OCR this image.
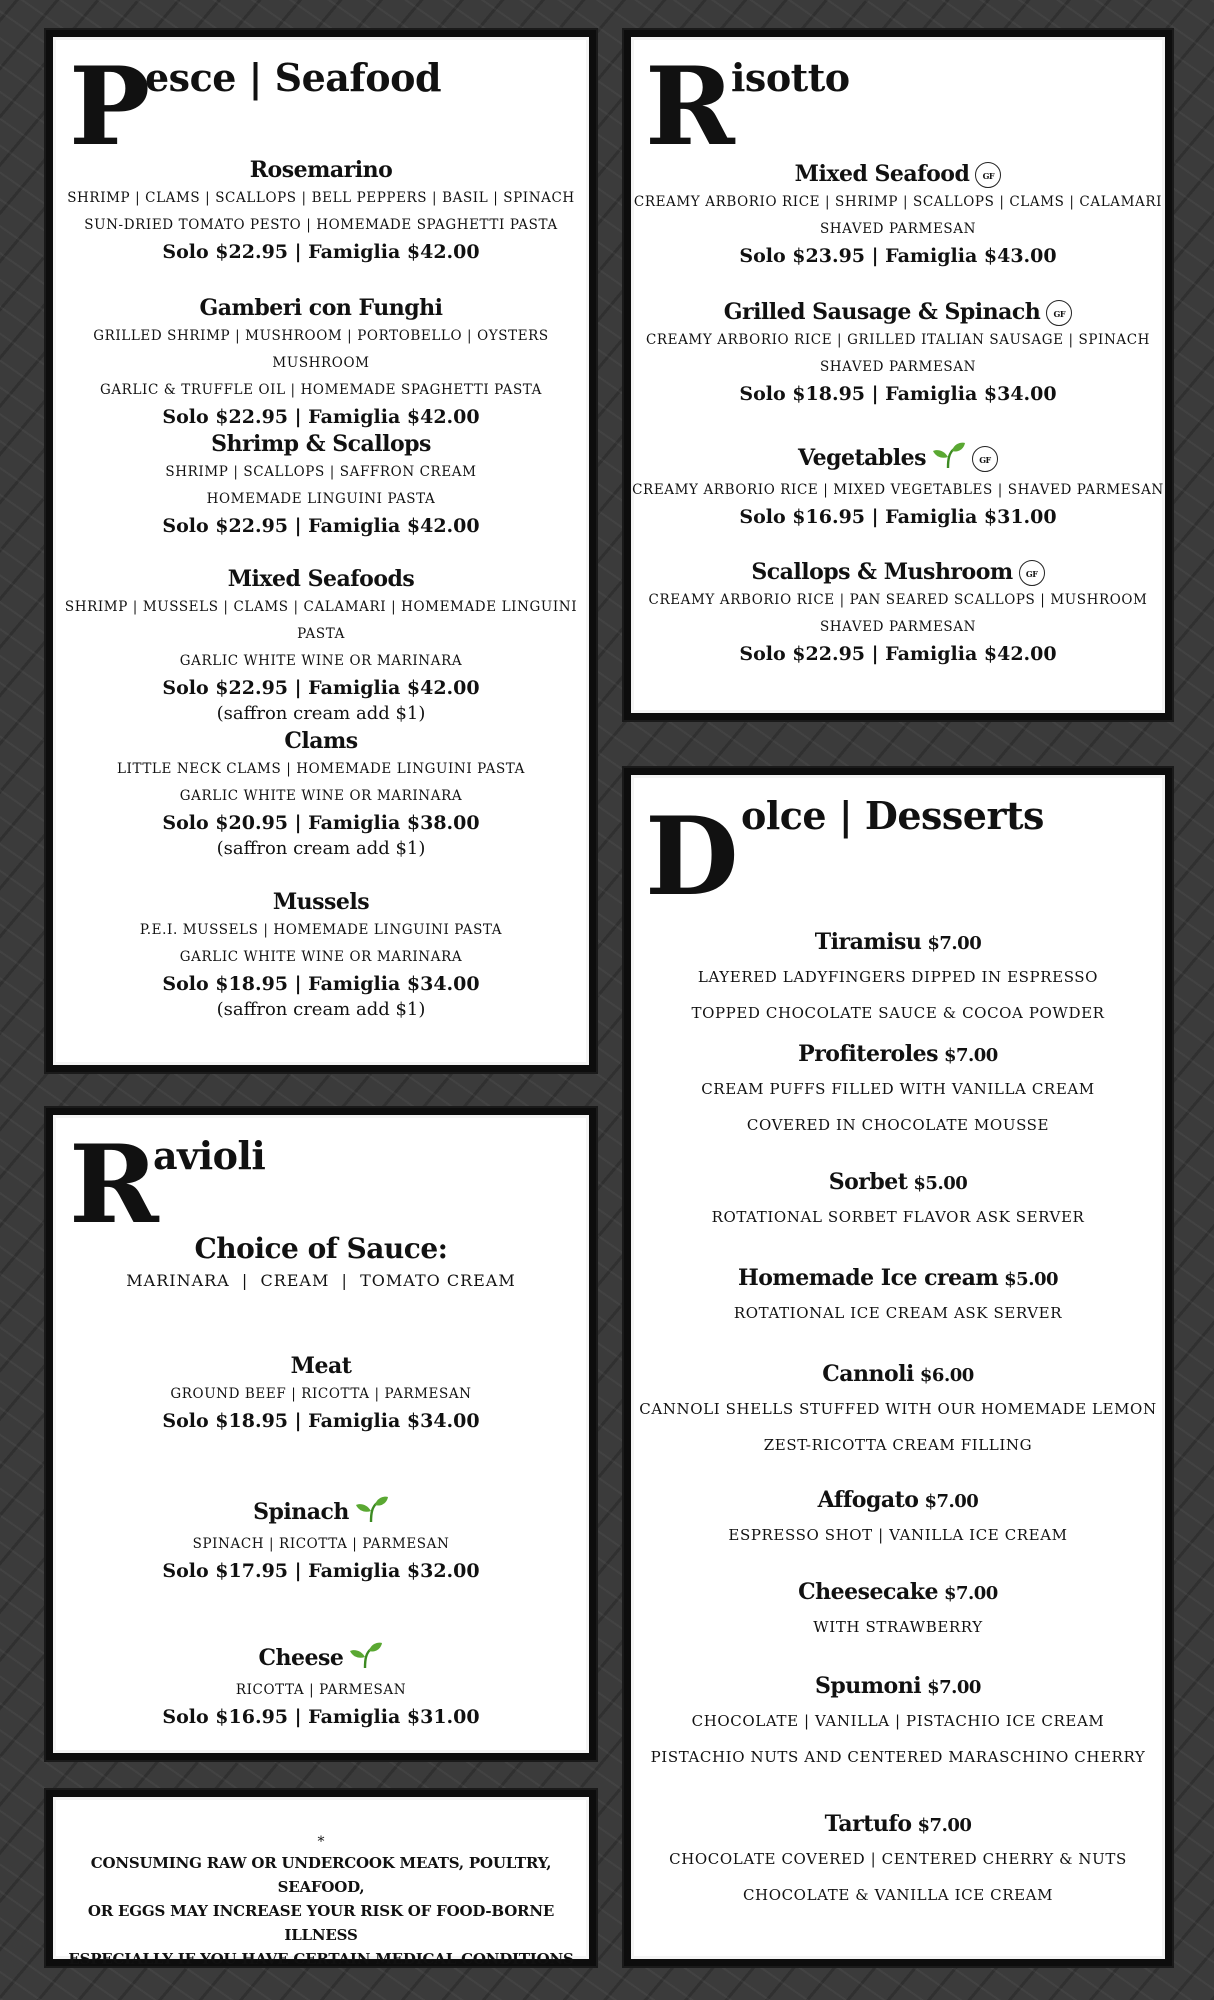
P
esce | Seafood
Rosemarino
SHRIMP | CLAMS | SCALLOPS | BELL PEPPERS | BASIL | SPINACH
SUN-DRIED TOMATO PESTO | HOMEMADE SPAGHETTI PASTA
Solo $22.95 | Famiglia $42.00
Gamberi con Funghi
GRILLED SHRIMP | MUSHROOM | PORTOBELLO | OYSTERS MUSHROOM
GARLIC & TRUFFLE OIL | HOMEMADE SPAGHETTI PASTA
Solo $22.95 | Famiglia $42.00
Shrimp & Scallops
SHRIMP | SCALLOPS | SAFFRON CREAM
HOMEMADE LINGUINI PASTA
Solo $22.95 | Famiglia $42.00
Mixed Seafoods
SHRIMP | MUSSELS | CLAMS | CALAMARI | HOMEMADE LINGUINI PASTA
GARLIC WHITE WINE OR MARINARA
Solo $22.95 | Famiglia $42.00
(saffron cream add $1)
Clams
LITTLE NECK CLAMS | HOMEMADE LINGUINI PASTA
GARLIC WHITE WINE OR MARINARA
Solo $20.95 | Famiglia $38.00
(saffron cream add $1)
Mussels
P.E.I. MUSSELS | HOMEMADE LINGUINI PASTA
GARLIC WHITE WINE OR MARINARA
Solo $18.95 | Famiglia $34.00
(saffron cream add $1)
R isotto
Mixed Seafood GF
CREAMY ARBORIO RICE | SHRIMP | SCALLOPS | CLAMS | CALAMARI
SHAVED PARMESAN
Solo $23.95 | Famiglia $43.00
Grilled Sausage & Spinach GF
CREAMY ARBORIO RICE | GRILLED ITALIAN SAUSAGE | SPINACH
SHAVED PARMESAN
Solo $18.95 | Famiglia $34.00
Vegetables	GF
CREAMY ARBORIO RICE | MIXED VEGETABLES | SHAVED PARMESAN
Solo $16.95 | Famiglia $31.00
Scallops & Mushroom GF
CREAMY ARBORIO RICE | PAN SEARED SCALLOPS | MUSHROOM
SHAVED PARMESAN
Solo $22.95 | Famiglia $42.00
R
avioli
Choice of Sauce:
MARINARA  |  CREAM  |  TOMATO CREAM
Meat
GROUND BEEF | RICOTTA | PARMESAN
Solo $18.95 | Famiglia $34.00
Spinach
SPINACH | RICOTTA | PARMESAN
Solo $17.95 | Famiglia $32.00
Cheese
RICOTTA | PARMESAN
Solo $16.95 | Famiglia $31.00
*
CONSUMING RAW OR UNDERCOOK MEATS, POULTRY, SEAFOOD,
OR EGGS MAY INCREASE YOUR RISK OF FOOD-BORNE ILLNESS
ESPECIALLY IF YOU HAVE CERTAIN MEDICAL CONDITIONS
D olce | Desserts
Tiramisu $7.00
LAYERED LADYFINGERS DIPPED IN ESPRESSO
TOPPED CHOCOLATE SAUCE & COCOA POWDER
Profiteroles $7.00
CREAM PUFFS FILLED WITH VANILLA CREAM
COVERED IN CHOCOLATE MOUSSE
Sorbet $5.00
ROTATIONAL SORBET FLAVOR ASK SERVER
Homemade Ice cream $5.00
ROTATIONAL ICE CREAM ASK SERVER
Cannoli $6.00
CANNOLI SHELLS STUFFED WITH OUR HOMEMADE LEMON
ZEST-RICOTTA CREAM FILLING
Affogato $7.00
ESPRESSO SHOT | VANILLA ICE CREAM
Cheesecake $7.00
WITH STRAWBERRY
Spumoni $7.00
CHOCOLATE | VANILLA | PISTACHIO ICE CREAM
PISTACHIO NUTS AND CENTERED MARASCHINO CHERRY
Tartufo $7.00
CHOCOLATE COVERED | CENTERED CHERRY & NUTS
CHOCOLATE & VANILLA ICE CREAM
